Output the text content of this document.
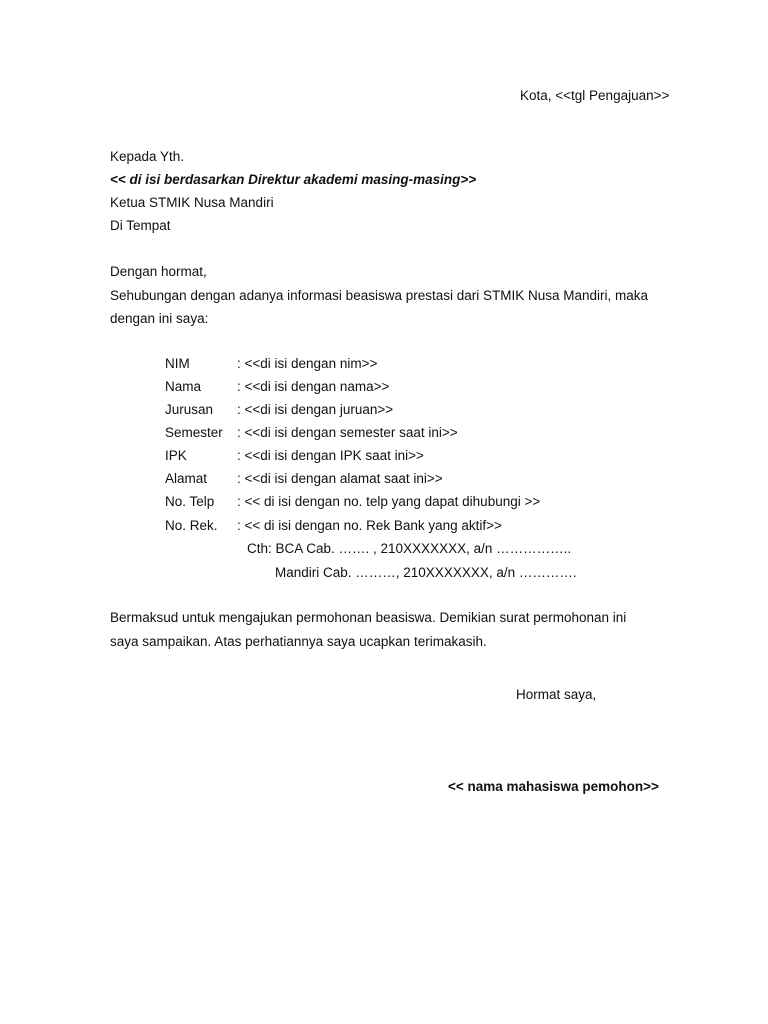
Kota, <<tgl Pengajuan>>
Kepada Yth.
<< di isi berdasarkan Direktur akademi masing-masing>>
Ketua STMIK Nusa Mandiri
Di Tempat
Dengan hormat,
Sehubungan dengan adanya informasi beasiswa prestasi dari STMIK Nusa Mandiri, maka
dengan ini saya:
NIM	: <<di isi dengan nim>>
Nama	: <<di isi dengan nama>>
Jurusan : <<di isi dengan juruan>>
Semester : <<di isi dengan semester saat ini>>
IPK	: <<di isi dengan IPK saat ini>>
Alamat : <<di isi dengan alamat saat ini>>
No. Telp : << di isi dengan no. telp yang dapat dihubungi >>
No. Rek. : << di isi dengan no. Rek Bank yang aktif>>
Cth: BCA Cab. ……. , 210XXXXXXX, a/n ……………..
Mandiri Cab. ………, 210XXXXXXX, a/n ………….
Bermaksud untuk mengajukan permohonan beasiswa. Demikian surat permohonan ini
saya sampaikan. Atas perhatiannya saya ucapkan terimakasih.
Hormat saya,
<< nama mahasiswa pemohon>>
